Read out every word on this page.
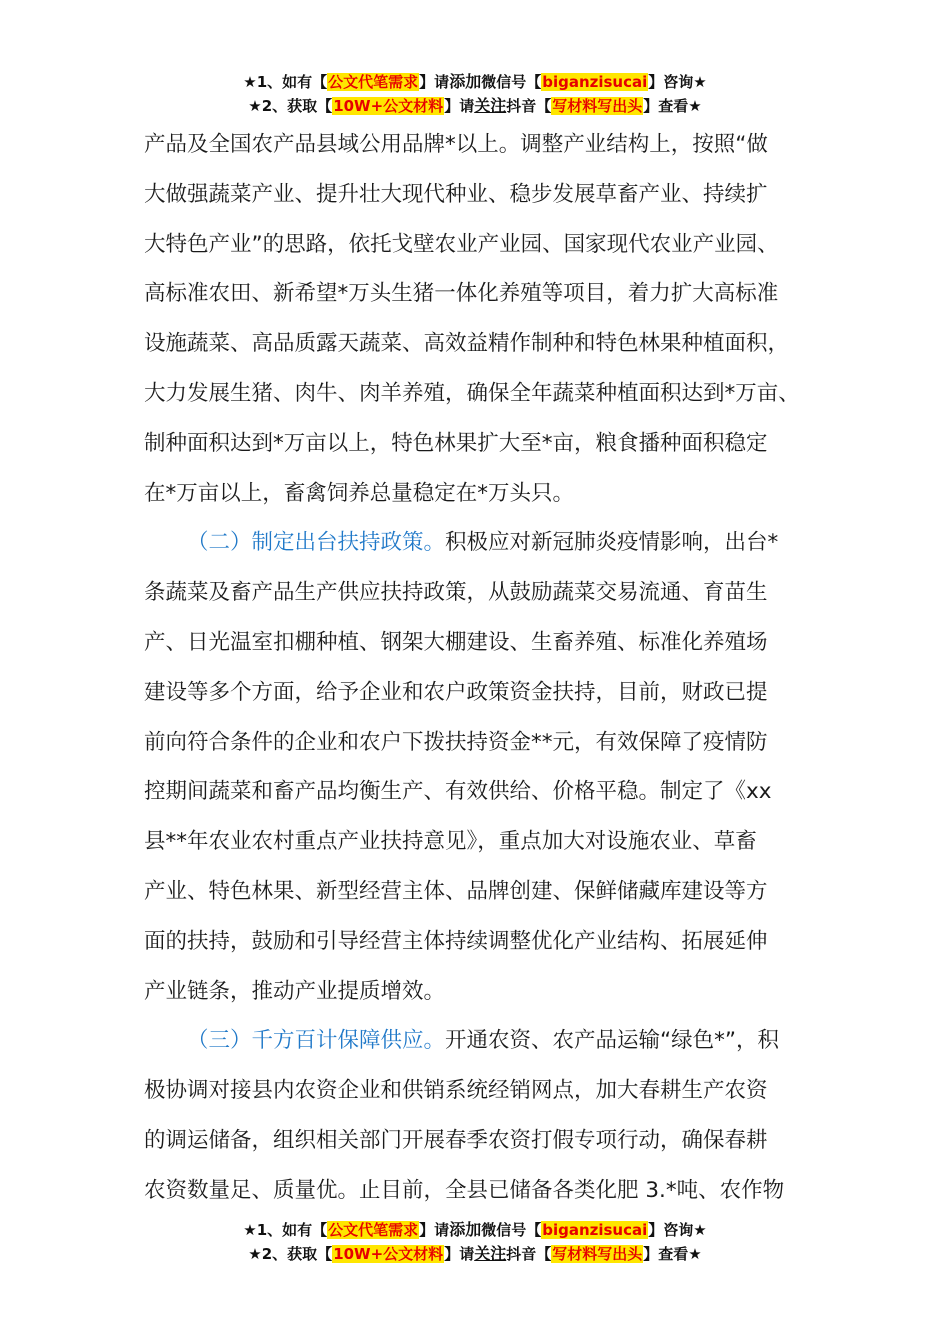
★1、如有【公文代笔需求】请添加微信号【biganzisucai】咨询★
★2、获取【10W+公文材料】请关注抖音【写材料写出头】查看★

产品及全国农产品县域公用品牌*以上。调整产业结构上，按照“做
大做强蔬菜产业、提升壮大现代种业、稳步发展草畜产业、持续扩
大特色产业”的思路，依托戈壁农业产业园、国家现代农业产业园、
高标准农田、新希望*万头生猪一体化养殖等项目，着力扩大高标准
设施蔬菜、高品质露天蔬菜、高效益精作制种和特色林果种植面积，
大力发展生猪、肉牛、肉羊养殖，确保全年蔬菜种植面积达到*万亩、
制种面积达到*万亩以上，特色林果扩大至*亩，粮食播种面积稳定
在*万亩以上，畜禽饲养总量稳定在*万头只。

（二）制定出台扶持政策。积极应对新冠肺炎疫情影响，出台*
条蔬菜及畜产品生产供应扶持政策，从鼓励蔬菜交易流通、育苗生
产、日光温室扣棚种植、钢架大棚建设、生畜养殖、标准化养殖场
建设等多个方面，给予企业和农户政策资金扶持，目前，财政已提
前向符合条件的企业和农户下拨扶持资金**元，有效保障了疫情防
控期间蔬菜和畜产品均衡生产、有效供给、价格平稳。制定了《xx
县**年农业农村重点产业扶持意见》，重点加大对设施农业、草畜
产业、特色林果、新型经营主体、品牌创建、保鲜储藏库建设等方
面的扶持，鼓励和引导经营主体持续调整优化产业结构、拓展延伸
产业链条，推动产业提质增效。

（三）千方百计保障供应。开通农资、农产品运输“绿色*”，积
极协调对接县内农资企业和供销系统经销网点，加大春耕生产农资
的调运储备，组织相关部门开展春季农资打假专项行动，确保春耕
农资数量足、质量优。止目前，全县已储备各类化肥 3.*吨、农作物

★1、如有【公文代笔需求】请添加微信号【biganzisucai】咨询★
★2、获取【10W+公文材料】请关注抖音【写材料写出头】查看★
